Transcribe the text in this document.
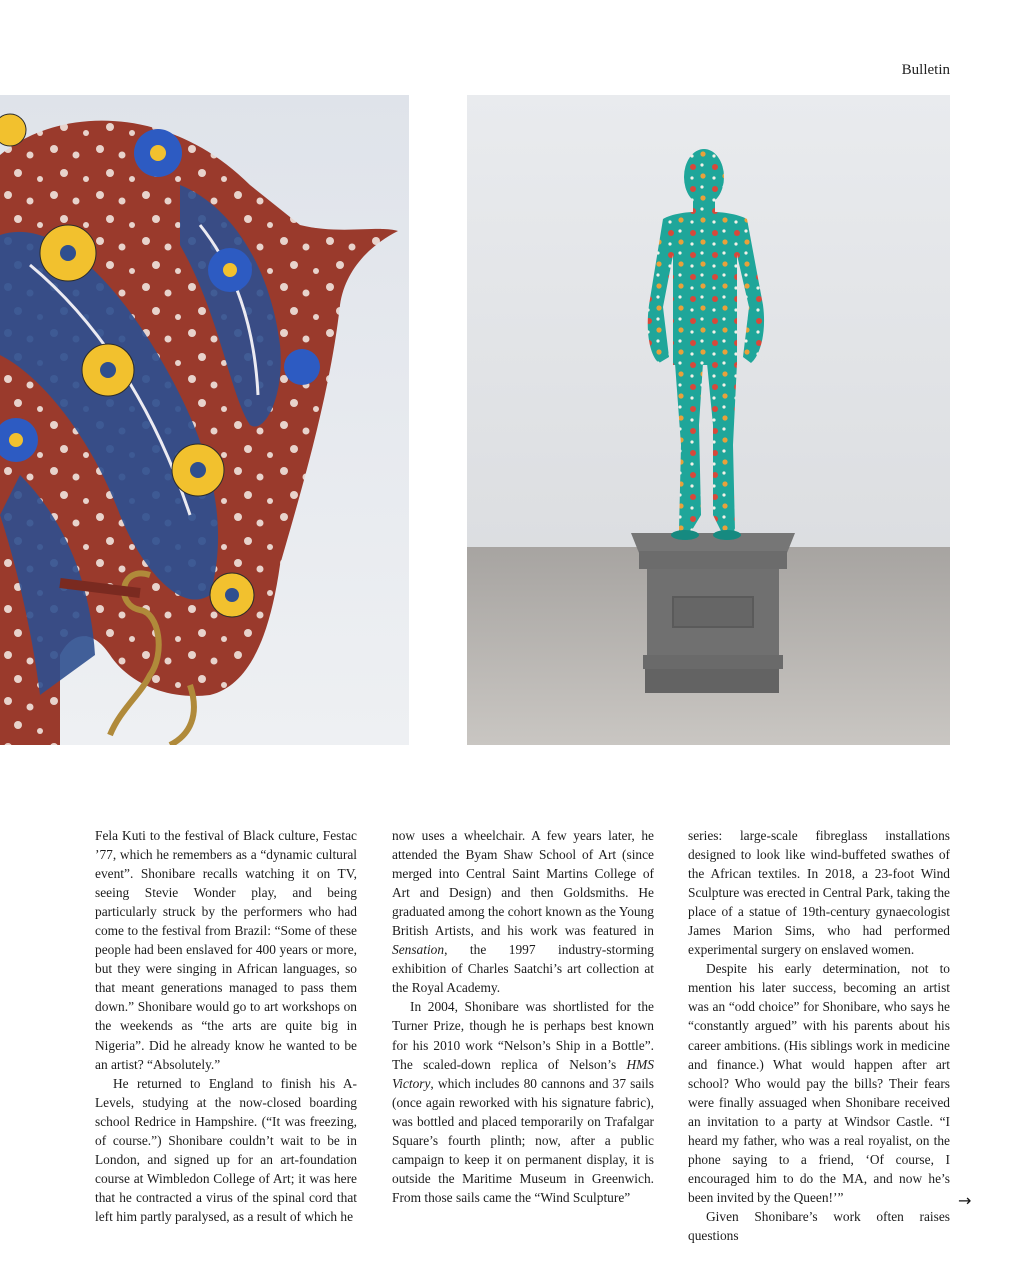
Bulletin

Fela Kuti to the festival of Black culture, Festac ’77, which he remembers as a “dynamic cultural event”. Shonibare recalls watching it on TV, seeing Stevie Wonder play, and being particularly struck by the performers who had come to the festival from Brazil: “Some of these people had been enslaved for 400 years or more, but they were singing in African languages, so that meant generations managed to pass them down.” Shonibare would go to art workshops on the weekends as “the arts are quite big in Nigeria”. Did he already know he wanted to be an artist? “Absolutely.”

He returned to England to finish his A-Levels, studying at the now-closed boarding school Redrice in Hampshire. (“It was freezing, of course.”) Shonibare couldn’t wait to be in London, and signed up for an art-foundation course at Wimbledon College of Art; it was here that he contracted a virus of the spinal cord that left him partly paralysed, as a result of which he

now uses a wheelchair. A few years later, he attended the Byam Shaw School of Art (since merged into Central Saint Martins College of Art and Design) and then Goldsmiths. He graduated among the cohort known as the Young British Artists, and his work was featured in Sensation, the 1997 industry-storming exhibition of Charles Saatchi’s art collection at the Royal Academy.

In 2004, Shonibare was shortlisted for the Turner Prize, though he is perhaps best known for his 2010 work “Nelson’s Ship in a Bottle”. The scaled-down replica of Nelson’s HMS Victory, which includes 80 cannons and 37 sails (once again reworked with his signature fabric), was bottled and placed temporarily on Trafalgar Square’s fourth plinth; now, after a public campaign to keep it on permanent display, it is outside the Maritime Museum in Greenwich. From those sails came the “Wind Sculpture”

series: large-scale fibreglass installations designed to look like wind-buffeted swathes of the African textiles. In 2018, a 23-foot Wind Sculpture was erected in Central Park, taking the place of a statue of 19th-century gynaecologist James Marion Sims, who had performed experimental surgery on enslaved women.

Despite his early determination, not to mention his later success, becoming an artist was an “odd choice” for Shonibare, who says he “constantly argued” with his parents about his career ambitions. (His siblings work in medicine and finance.) What would happen after art school? Who would pay the bills? Their fears were finally assuaged when Shonibare received an invitation to a party at Windsor Castle. “I heard my father, who was a real royalist, on the phone saying to a friend, ‘Of course, I encouraged him to do the MA, and now he’s been invited by the Queen!’”

Given Shonibare’s work often raises questions

→
